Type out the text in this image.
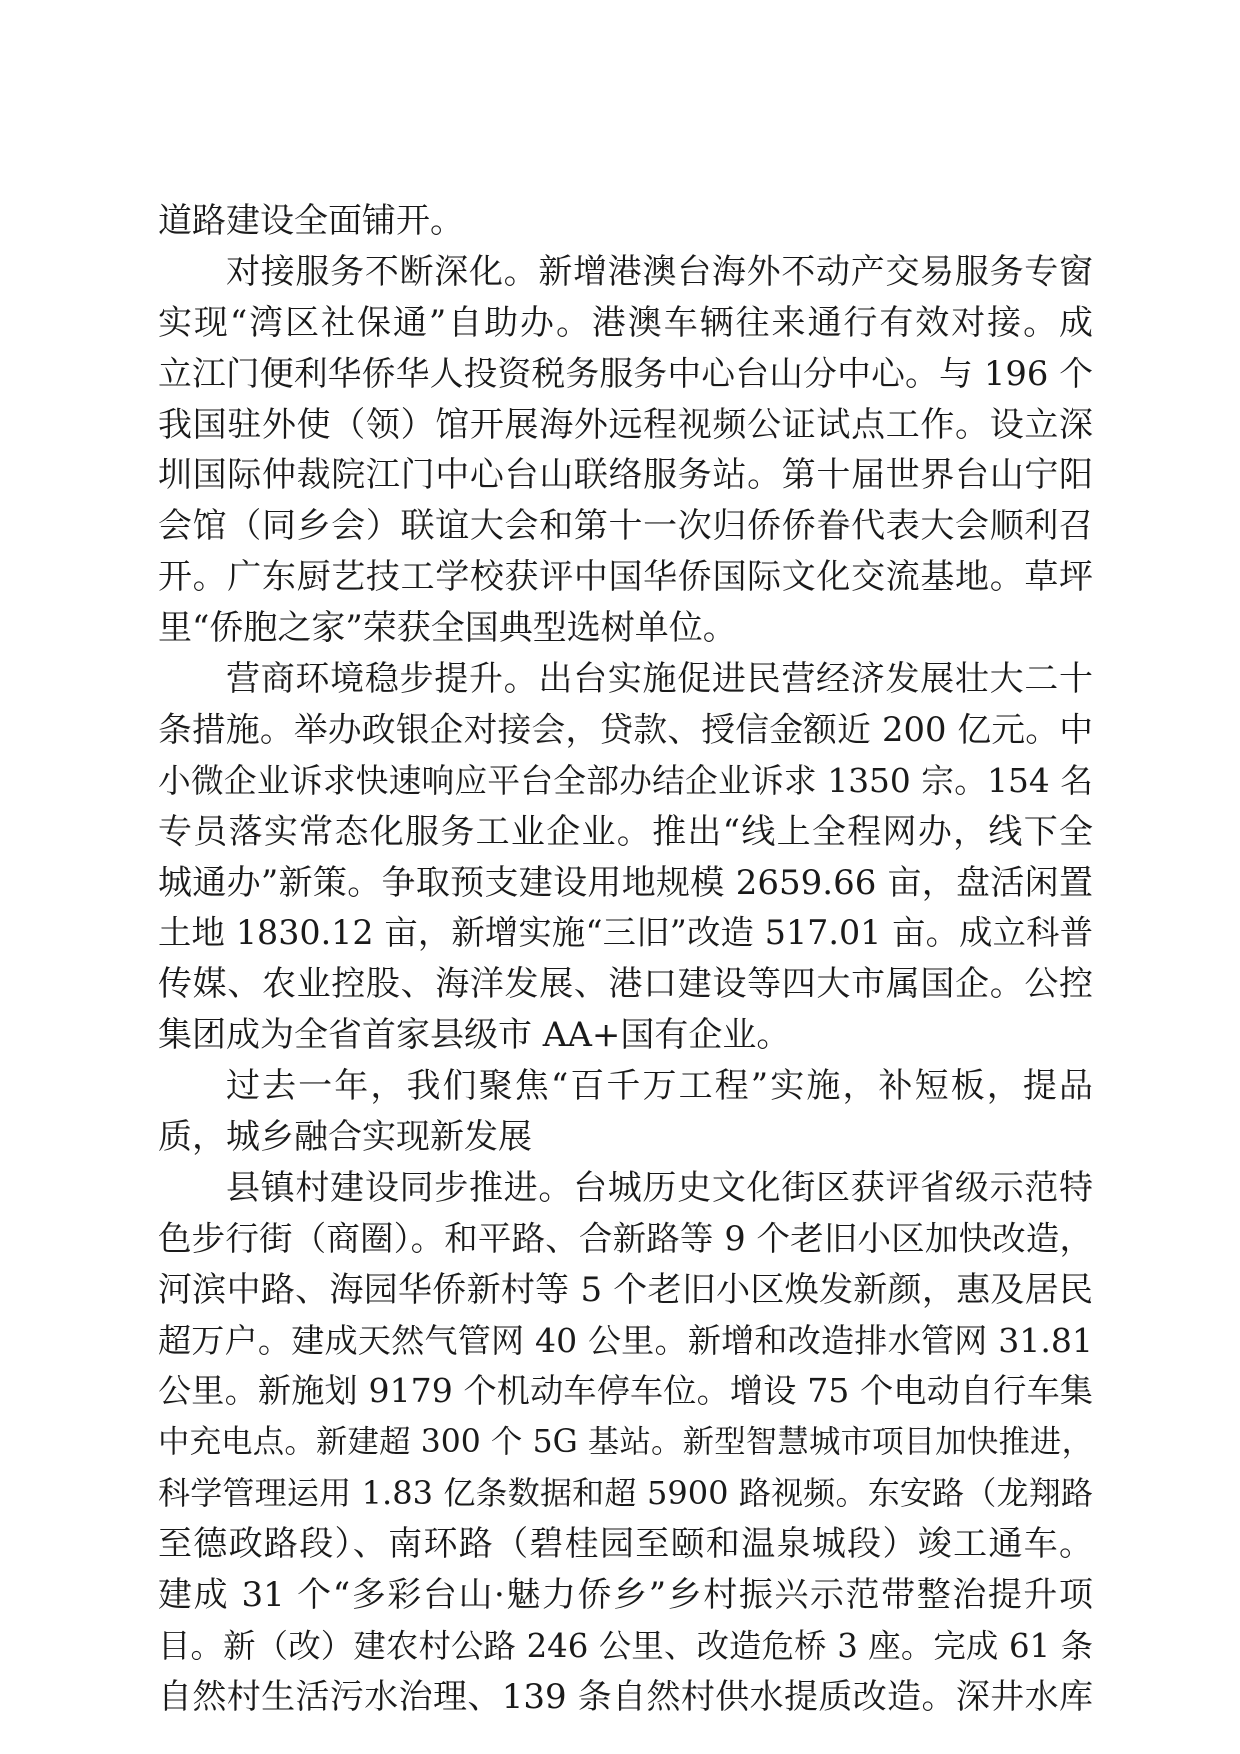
道路建设全面铺开。
对接服务不断深化。新增港澳台海外不动产交易服务专窗
实现“湾区社保通”自助办。港澳车辆往来通行有效对接。成
立江门便利华侨华人投资税务服务中心台山分中心。与 196 个
我国驻外使（领）馆开展海外远程视频公证试点工作。设立深
圳国际仲裁院江门中心台山联络服务站。第十届世界台山宁阳
会馆（同乡会）联谊大会和第十一次归侨侨眷代表大会顺利召
开。广东厨艺技工学校获评中国华侨国际文化交流基地。草坪
里“侨胞之家”荣获全国典型选树单位。
营商环境稳步提升。出台实施促进民营经济发展壮大二十
条措施。举办政银企对接会，贷款、授信金额近 200 亿元。中
小微企业诉求快速响应平台全部办结企业诉求 1350 宗。154 名
专员落实常态化服务工业企业。推出“线上全程网办，线下全
城通办”新策。争取预支建设用地规模 2659.66 亩，盘活闲置
土地 1830.12 亩，新增实施“三旧”改造 517.01 亩。成立科普
传媒、农业控股、海洋发展、港口建设等四大市属国企。公控
集团成为全省首家县级市 AA+国有企业。
过去一年，我们聚焦“百千万工程”实施，补短板，提品
质，城乡融合实现新发展
县镇村建设同步推进。台城历史文化街区获评省级示范特
色步行街（商圈）。和平路、合新路等 9 个老旧小区加快改造，
河滨中路、海园华侨新村等 5 个老旧小区焕发新颜，惠及居民
超万户。建成天然气管网 40 公里。新增和改造排水管网 31.81
公里。新施划 9179 个机动车停车位。增设 75 个电动自行车集
中充电点。新建超 300 个 5G 基站。新型智慧城市项目加快推进，
科学管理运用 1.83 亿条数据和超 5900 路视频。东安路（龙翔路
至德政路段）、南环路（碧桂园至颐和温泉城段）竣工通车。
建成 31 个“多彩台山·魅力侨乡”乡村振兴示范带整治提升项
目。新（改）建农村公路 246 公里、改造危桥 3 座。完成 61 条
自然村生活污水治理、139 条自然村供水提质改造。深井水库
